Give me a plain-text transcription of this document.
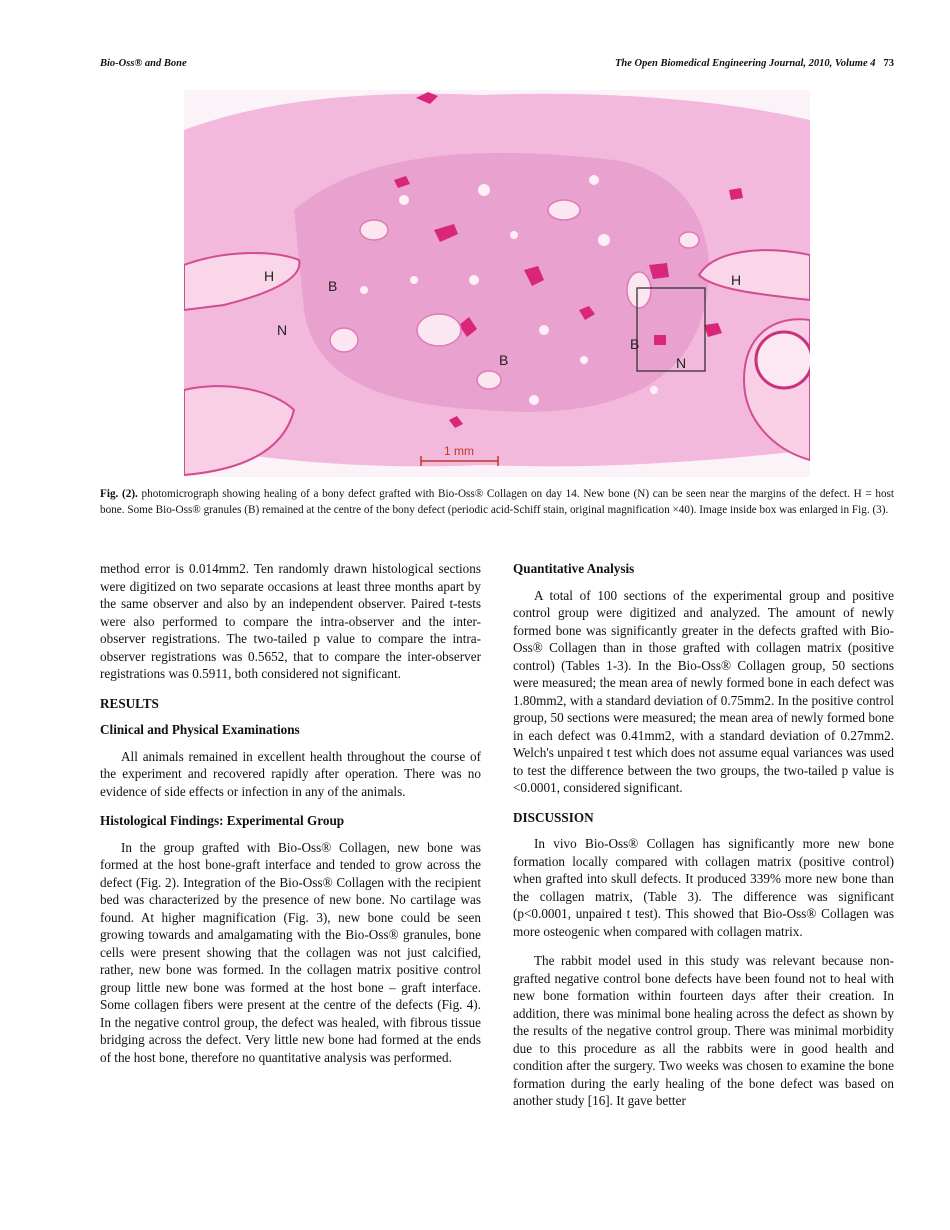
Bio-Oss® and Bone	The Open Biomedical Engineering Journal, 2010, Volume 4 73
H	H
B
B
B
N
N
1 mm
Fig. (2). photomicrograph showing healing of a bony defect grafted with Bio-Oss® Collagen on day 14. New bone (N) can be seen near the margins of the defect. H = host bone. Some Bio-Oss® granules (B) remained at the centre of the bony defect (periodic acid-Schiff stain, original magnification ×40). Image inside box was enlarged in Fig. (3).

method error is 0.014mm2. Ten randomly drawn histological sections were digitized on two separate occasions at least three months apart by the same observer and also by an independent observer. Paired t-tests were also performed to compare the intra-observer and the inter-observer registrations. The two-tailed p value to compare the intra-observer registrations was 0.5652, that to compare the inter-observer registrations was 0.5911, both considered not significant.

RESULTS
Clinical and Physical Examinations

All animals remained in excellent health throughout the course of the experiment and recovered rapidly after operation. There was no evidence of side effects or infection in any of the animals.

Histological Findings: Experimental Group

In the group grafted with Bio-Oss® Collagen, new bone was formed at the host bone-graft interface and tended to grow across the defect (Fig. 2). Integration of the Bio-Oss® Collagen with the recipient bed was characterized by the presence of new bone. No cartilage was found. At higher magnification (Fig. 3), new bone could be seen growing towards and amalgamating with the Bio-Oss® granules, bone cells were present showing that the collagen was not just calcified, rather, new bone was formed. In the collagen matrix positive control group little new bone was formed at the host bone – graft interface. Some collagen fibers were present at the centre of the defects (Fig. 4). In the negative control group, the defect was healed, with fibrous tissue bridging across the defect. Very little new bone had formed at the ends of the host bone, therefore no quantitative analysis was performed.

Quantitative Analysis

A total of 100 sections of the experimental group and positive control group were digitized and analyzed. The amount of newly formed bone was significantly greater in the defects grafted with Bio-Oss® Collagen than in those grafted with collagen matrix (positive control) (Tables 1-3). In the Bio-Oss® Collagen group, 50 sections were measured; the mean area of newly formed bone in each defect was 1.80mm2, with a standard deviation of 0.75mm2. In the positive control group, 50 sections were measured; the mean area of newly formed bone in each defect was 0.41mm2, with a standard deviation of 0.27mm2. Welch's unpaired t test which does not assume equal variances was used to test the difference between the two groups, the two-tailed p value is <0.0001, considered significant.

DISCUSSION

In vivo Bio-Oss® Collagen has significantly more new bone formation locally compared with collagen matrix (positive control) when grafted into skull defects. It produced 339% more new bone than the collagen matrix, (Table 3). The difference was significant (p<0.0001, unpaired t test). This showed that Bio-Oss® Collagen was more osteogenic when compared with collagen matrix.

The rabbit model used in this study was relevant because non-grafted negative control bone defects have been found not to heal with new bone formation within fourteen days after their creation. In addition, there was minimal bone healing across the defect as shown by the results of the negative control group. There was minimal morbidity due to this procedure as all the rabbits were in good health and condition after the surgery. Two weeks was chosen to examine the bone formation during the early healing of the bone defect was based on another study [16]. It gave better
